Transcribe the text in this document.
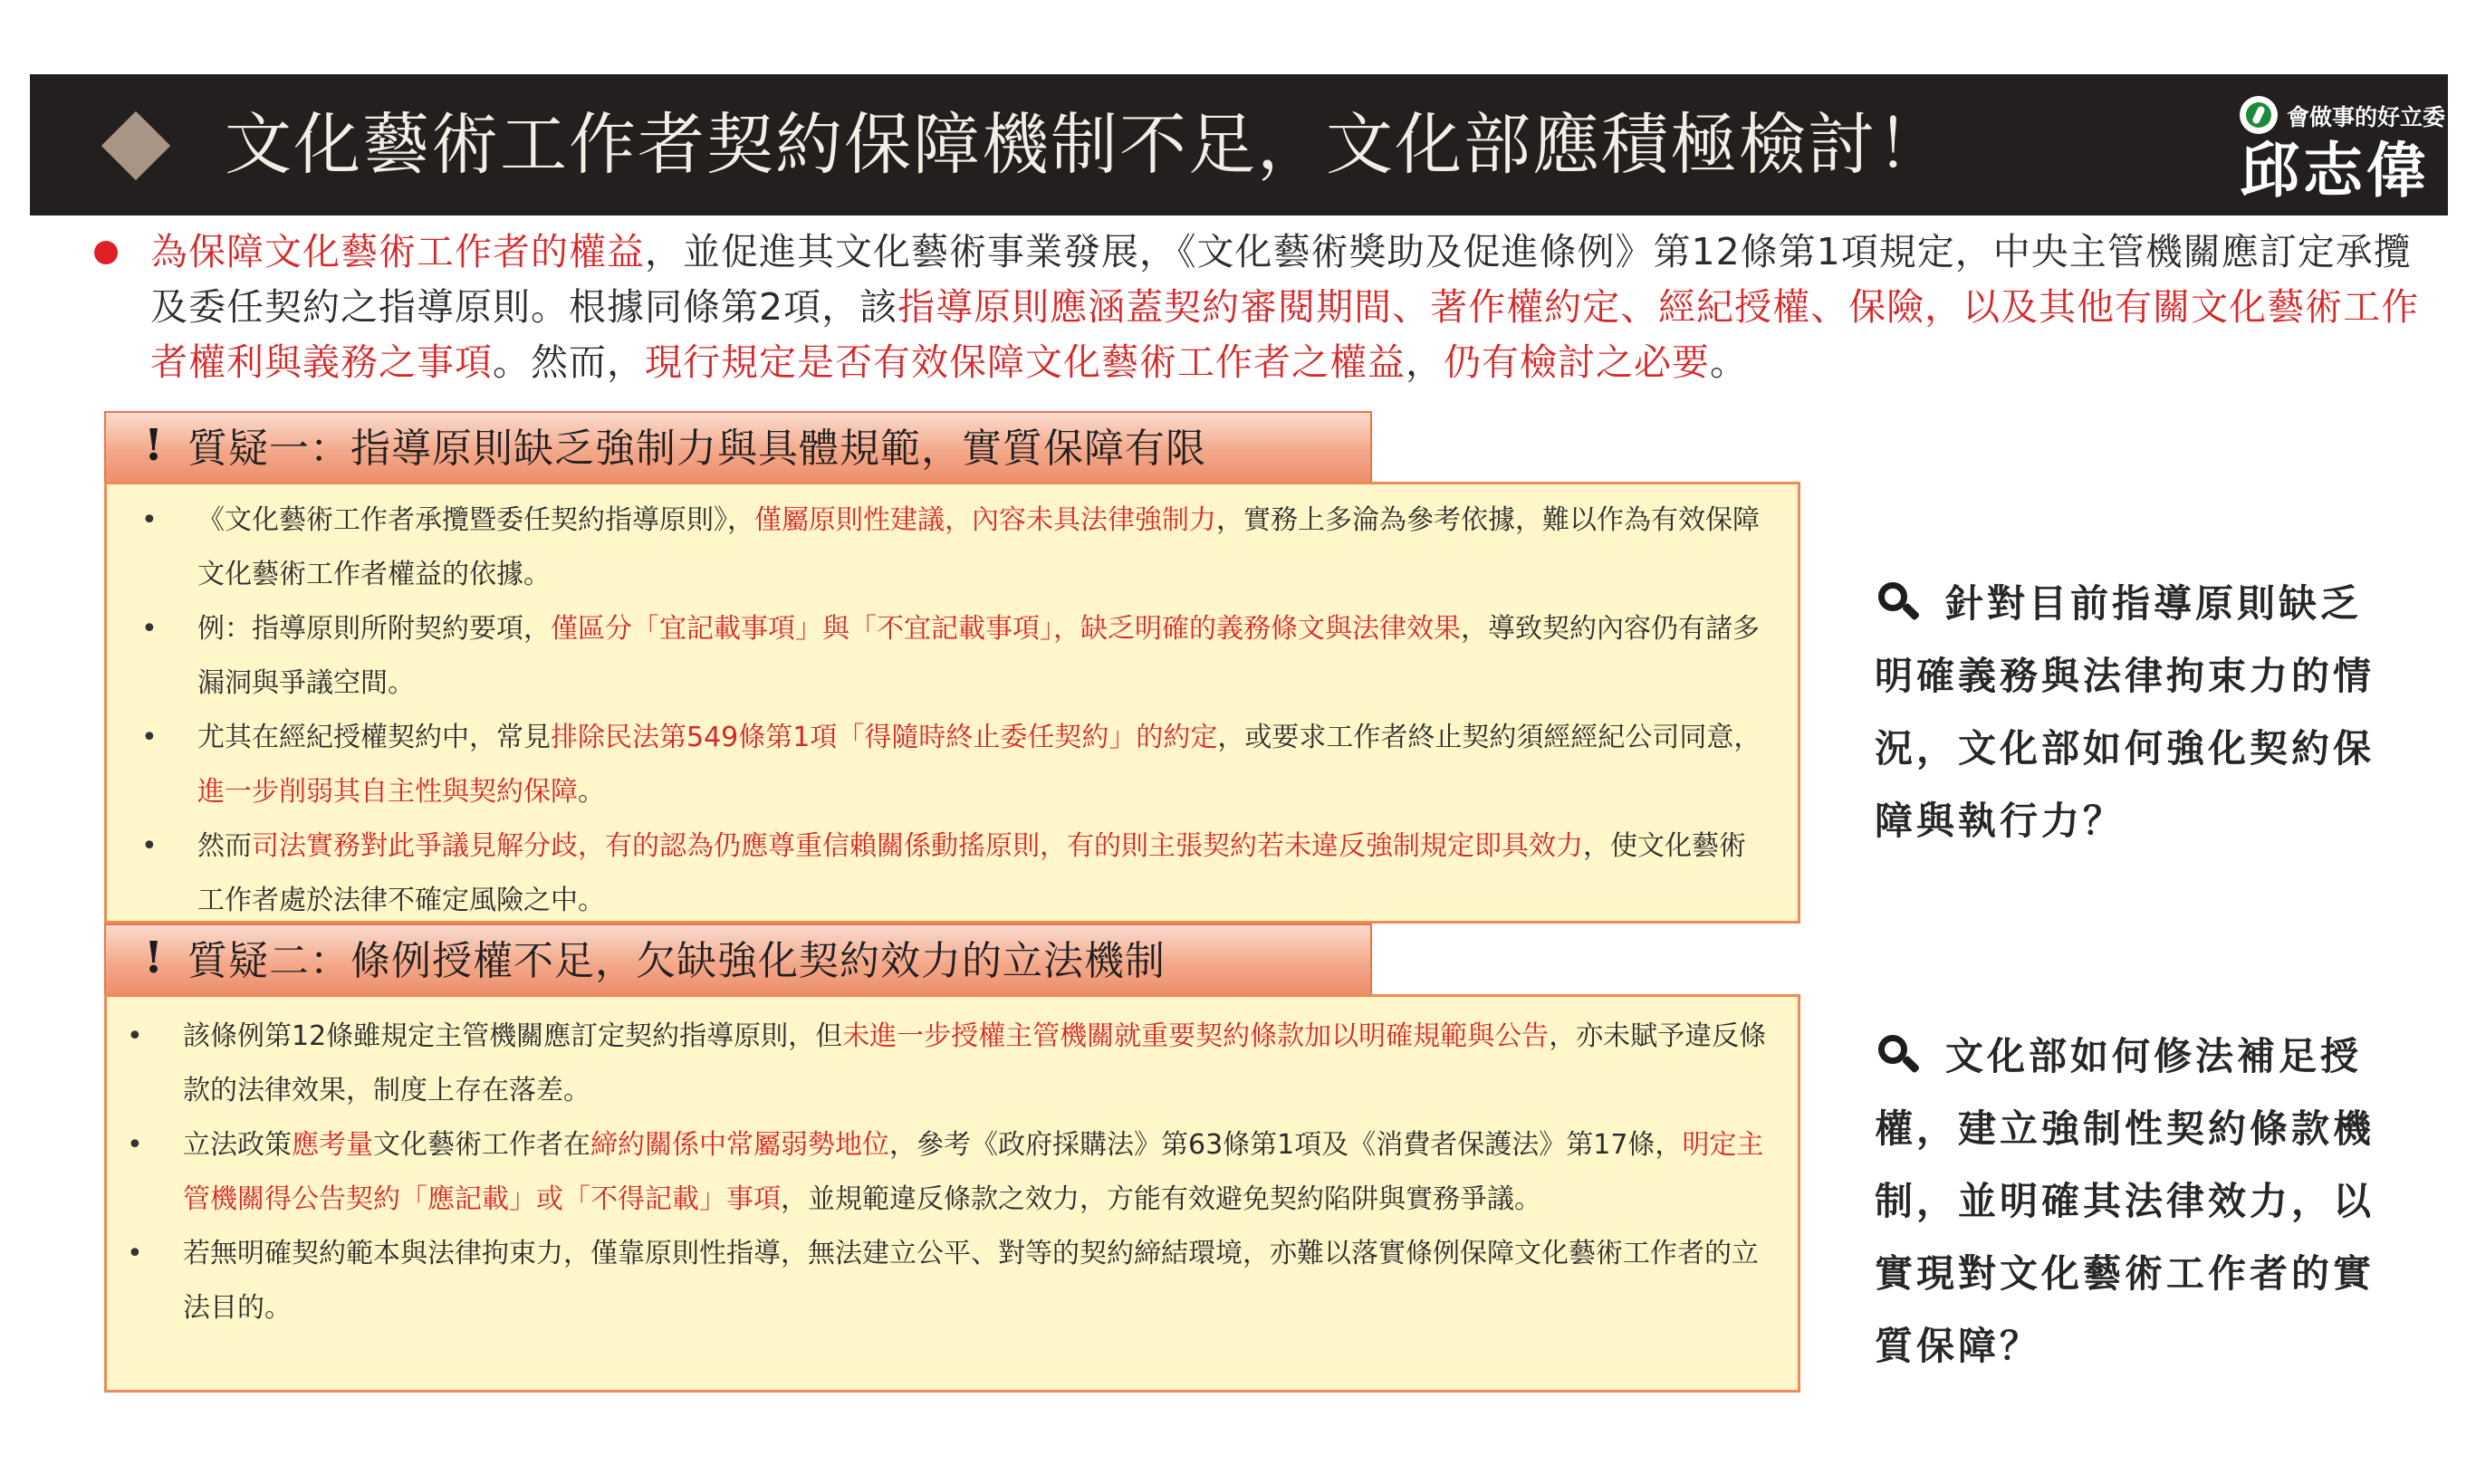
文化藝術工作者契約保障機制不足，文化部應積極檢討！	會做事的好立委
邱志偉

為保障文化藝術工作者的權益，並促進其文化藝術事業發展，《文化藝術獎助及促進條例》第12條第1項規定，中央主管機關應訂定承攬及委任契約之指導原則。根據同條第2項，該指導原則應涵蓋契約審閱期間、著作權約定、經紀授權、保險，以及其他有關文化藝術工作者權利與義務之事項。然而，現行規定是否有效保障文化藝術工作者之權益，仍有檢討之必要。

! 質疑一：指導原則缺乏強制力與具體規範，實質保障有限
• 《文化藝術工作者承攬暨委任契約指導原則》，僅屬原則性建議，內容未具法律強制力，實務上多淪為參考依據，難以作為有效保障文化藝術工作者權益的依據。
• 例：指導原則所附契約要項，僅區分「宜記載事項」與「不宜記載事項」，缺乏明確的義務條文與法律效果，導致契約內容仍有諸多漏洞與爭議空間。
• 尤其在經紀授權契約中，常見排除民法第549條第1項「得隨時終止委任契約」的約定，或要求工作者終止契約須經經紀公司同意，進一步削弱其自主性與契約保障。
• 然而司法實務對此爭議見解分歧，有的認為仍應尊重信賴關係動搖原則，有的則主張契約若未違反強制規定即具效力，使文化藝術工作者處於法律不確定風險之中。
! 質疑二：條例授權不足，欠缺強化契約效力的立法機制
• 該條例第12條雖規定主管機關應訂定契約指導原則，但未進一步授權主管機關就重要契約條款加以明確規範與公告，亦未賦予違反條款的法律效果，制度上存在落差。
• 立法政策應考量文化藝術工作者在締約關係中常屬弱勢地位，參考《政府採購法》第63條第1項及《消費者保護法》第17條，明定主管機關得公告契約「應記載」或「不得記載」事項，並規範違反條款之效力，方能有效避免契約陷阱與實務爭議。
• 若無明確契約範本與法律拘束力，僅靠原則性指導，無法建立公平、對等的契約締結環境，亦難以落實條例保障文化藝術工作者的立法目的。
針對目前指導原則缺乏明確義務與法律拘束力的情況，文化部如何強化契約保障與執行力？
文化部如何修法補足授權，建立強制性契約條款機制，並明確其法律效力，以實現對文化藝術工作者的實質保障？
